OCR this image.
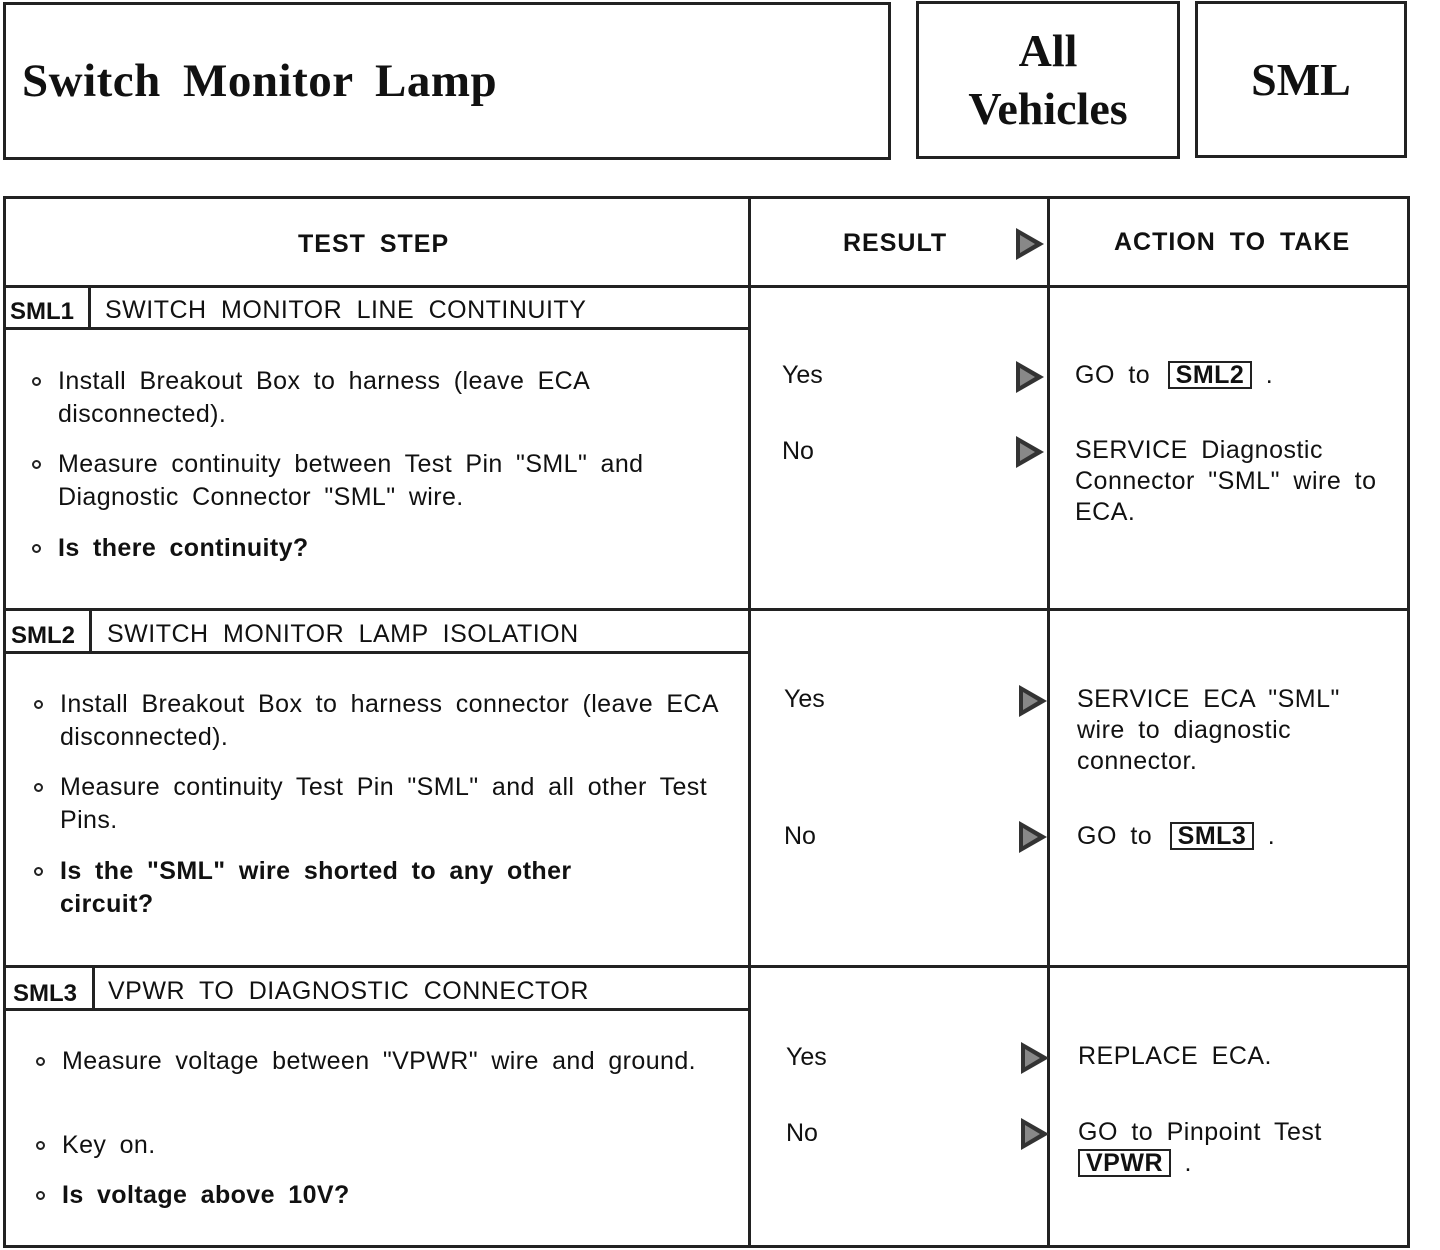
Switch Monitor Lamp
All
Vehicles
SML
TEST STEP	RESULT	ACTION TO TAKE
SML1 SWITCH MONITOR LINE CONTINUITY
Install Breakout Box to harness (leave ECA disconnected).
Measure continuity between Test Pin "SML" and Diagnostic Connector "SML" wire.
Is there continuity?
Yes	GO to SML2 .
No	SERVICE Diagnostic Connector "SML" wire to ECA.
SML2 SWITCH MONITOR LAMP ISOLATION
Install Breakout Box to harness connector (leave ECA disconnected).
Measure continuity Test Pin "SML" and all other Test Pins.
Is the "SML" wire shorted to any other circuit?
Yes	SERVICE ECA "SML" wire to diagnostic connector.
No	GO to SML3 .
SML3 VPWR TO DIAGNOSTIC CONNECTOR
Measure voltage between "VPWR" wire and ground.
Key on.
Is voltage above 10V?
Yes	REPLACE ECA.
No	GO to Pinpoint Test
VPWR .
